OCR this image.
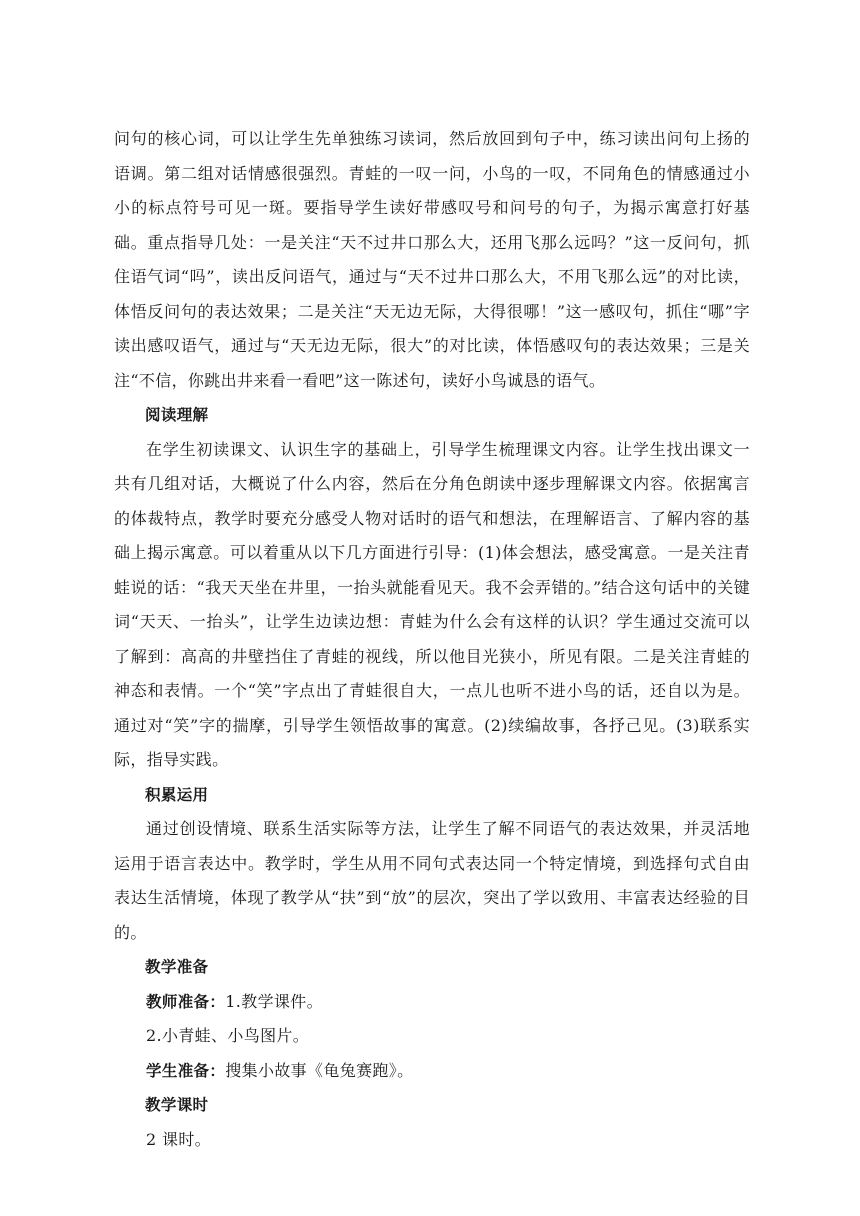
问句的核心词，可以让学生先单独练习读词，然后放回到句子中，练习读出问句上扬的语调。第二组对话情感很强烈。青蛙的一叹一问，小鸟的一叹，不同角色的情感通过小小的标点符号可见一斑。要指导学生读好带感叹号和问号的句子，为揭示寓意打好基础。重点指导几处：一是关注“天不过井口那么大，还用飞那么远吗？”这一反问句，抓住语气词“吗”，读出反问语气，通过与“天不过井口那么大，不用飞那么远”的对比读，体悟反问句的表达效果；二是关注“天无边无际，大得很哪！”这一感叹句，抓住“哪”字读出感叹语气，通过与“天无边无际，很大”的对比读，体悟感叹句的表达效果；三是关注“不信，你跳出井来看一看吧”这一陈述句，读好小鸟诚恳的语气。

阅读理解

在学生初读课文、认识生字的基础上，引导学生梳理课文内容。让学生找出课文一共有几组对话，大概说了什么内容，然后在分角色朗读中逐步理解课文内容。依据寓言的体裁特点，教学时要充分感受人物对话时的语气和想法，在理解语言、了解内容的基础上揭示寓意。可以着重从以下几方面进行引导：(1)体会想法，感受寓意。一是关注青蛙说的话：“我天天坐在井里，一抬头就能看见天。我不会弄错的。”结合这句话中的关键词“天天、一抬头”，让学生边读边想：青蛙为什么会有这样的认识？学生通过交流可以了解到：高高的井壁挡住了青蛙的视线，所以他目光狭小，所见有限。二是关注青蛙的神态和表情。一个“笑”字点出了青蛙很自大，一点儿也听不进小鸟的话，还自以为是。通过对“笑”字的揣摩，引导学生领悟故事的寓意。(2)续编故事，各抒己见。(3)联系实际，指导实践。

积累运用

通过创设情境、联系生活实际等方法，让学生了解不同语气的表达效果，并灵活地运用于语言表达中。教学时，学生从用不同句式表达同一个特定情境，到选择句式自由表达生活情境，体现了教学从“扶”到“放”的层次，突出了学以致用、丰富表达经验的目的。

教学准备

教师准备：1.教学课件。

2.小青蛙、小鸟图片。

学生准备：搜集小故事《龟兔赛跑》。

教学课时

2 课时。
